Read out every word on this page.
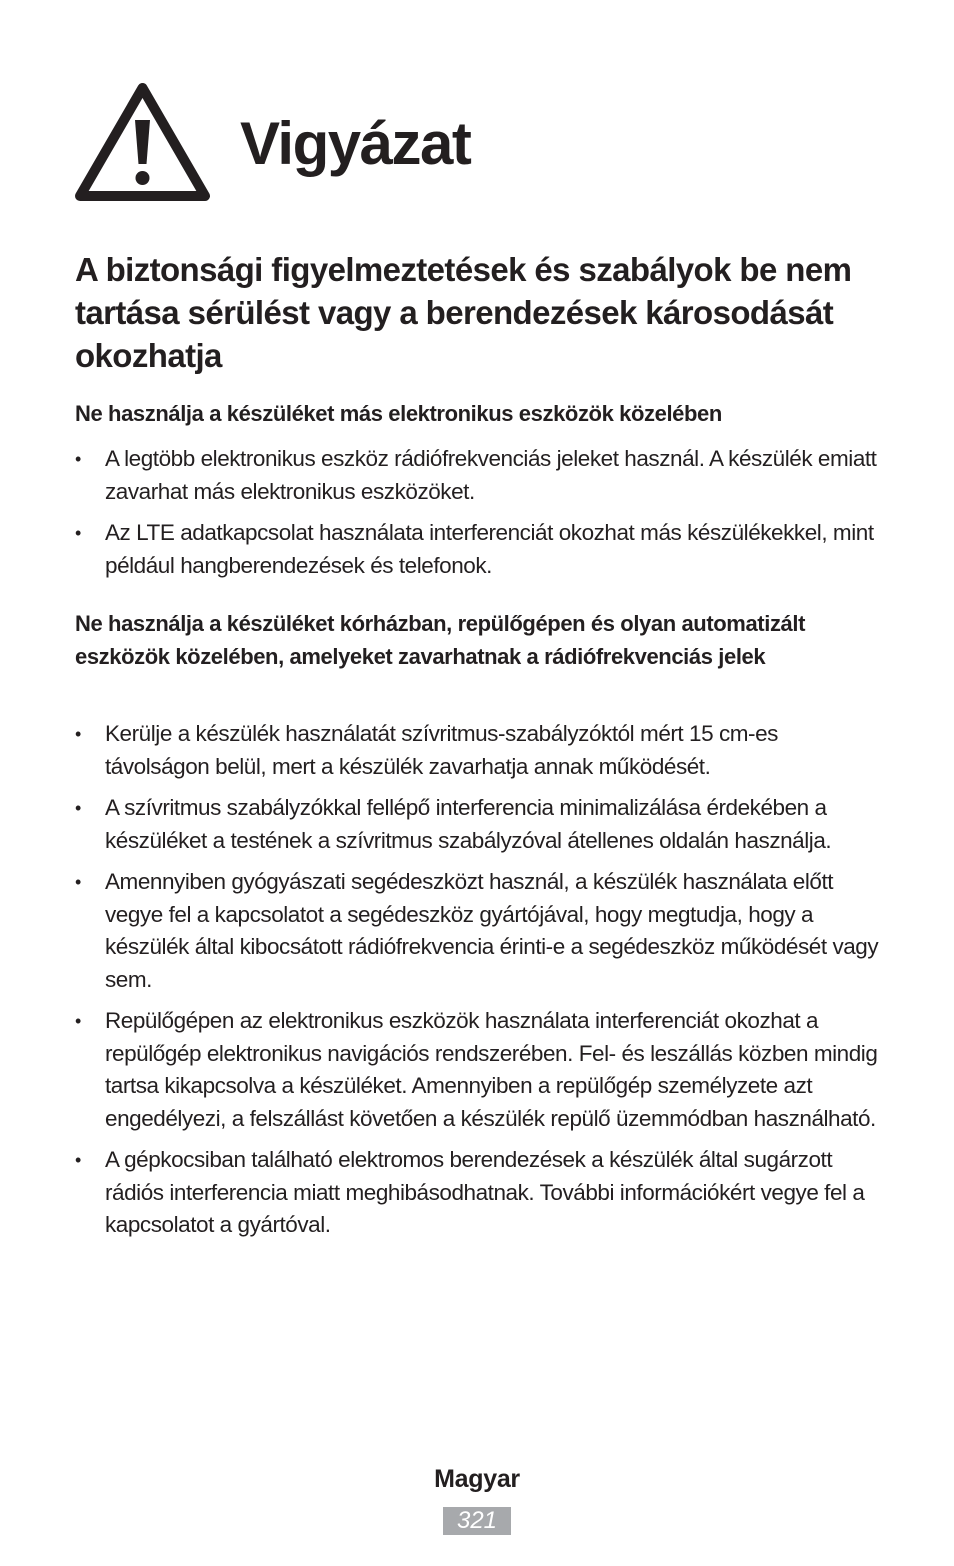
Vigyázat
A biztonsági figyelmeztetések és szabályok be nem tartása sérülést vagy a berendezések károsodását okozhatja
Ne használja a készüléket más elektronikus eszközök közelében
• A legtöbb elektronikus eszköz rádiófrekvenciás jeleket használ. A készülék emiatt zavarhat más elektronikus eszközöket.
• Az LTE adatkapcsolat használata interferenciát okozhat más készülékekkel, mint például hangberendezések és telefonok.
Ne használja a készüléket kórházban, repülőgépen és olyan automatizált eszközök közelében, amelyeket zavarhatnak a rádiófrekvenciás jelek
• Kerülje a készülék használatát szívritmus-szabályzóktól mért 15 cm-es távolságon belül, mert a készülék zavarhatja annak működését.
• A szívritmus szabályzókkal fellépő interferencia minimalizálása érdekében a készüléket a testének a szívritmus szabályzóval átellenes oldalán használja.
• Amennyiben gyógyászati segédeszközt használ, a készülék használata előtt vegye fel a kapcsolatot a segédeszköz gyártójával, hogy megtudja, hogy a készülék által kibocsátott rádiófrekvencia érinti-e a segédeszköz működését vagy sem.
• Repülőgépen az elektronikus eszközök használata interferenciát okozhat a repülőgép elektronikus navigációs rendszerében. Fel- és leszállás közben mindig tartsa kikapcsolva a készüléket. Amennyiben a repülőgép személyzete azt engedélyezi, a felszállást követően a készülék repülő üzemmódban használható.
• A gépkocsiban található elektromos berendezések a készülék által sugárzott rádiós interferencia miatt meghibásodhatnak. További információkért vegye fel a kapcsolatot a gyártóval.
Magyar
321
